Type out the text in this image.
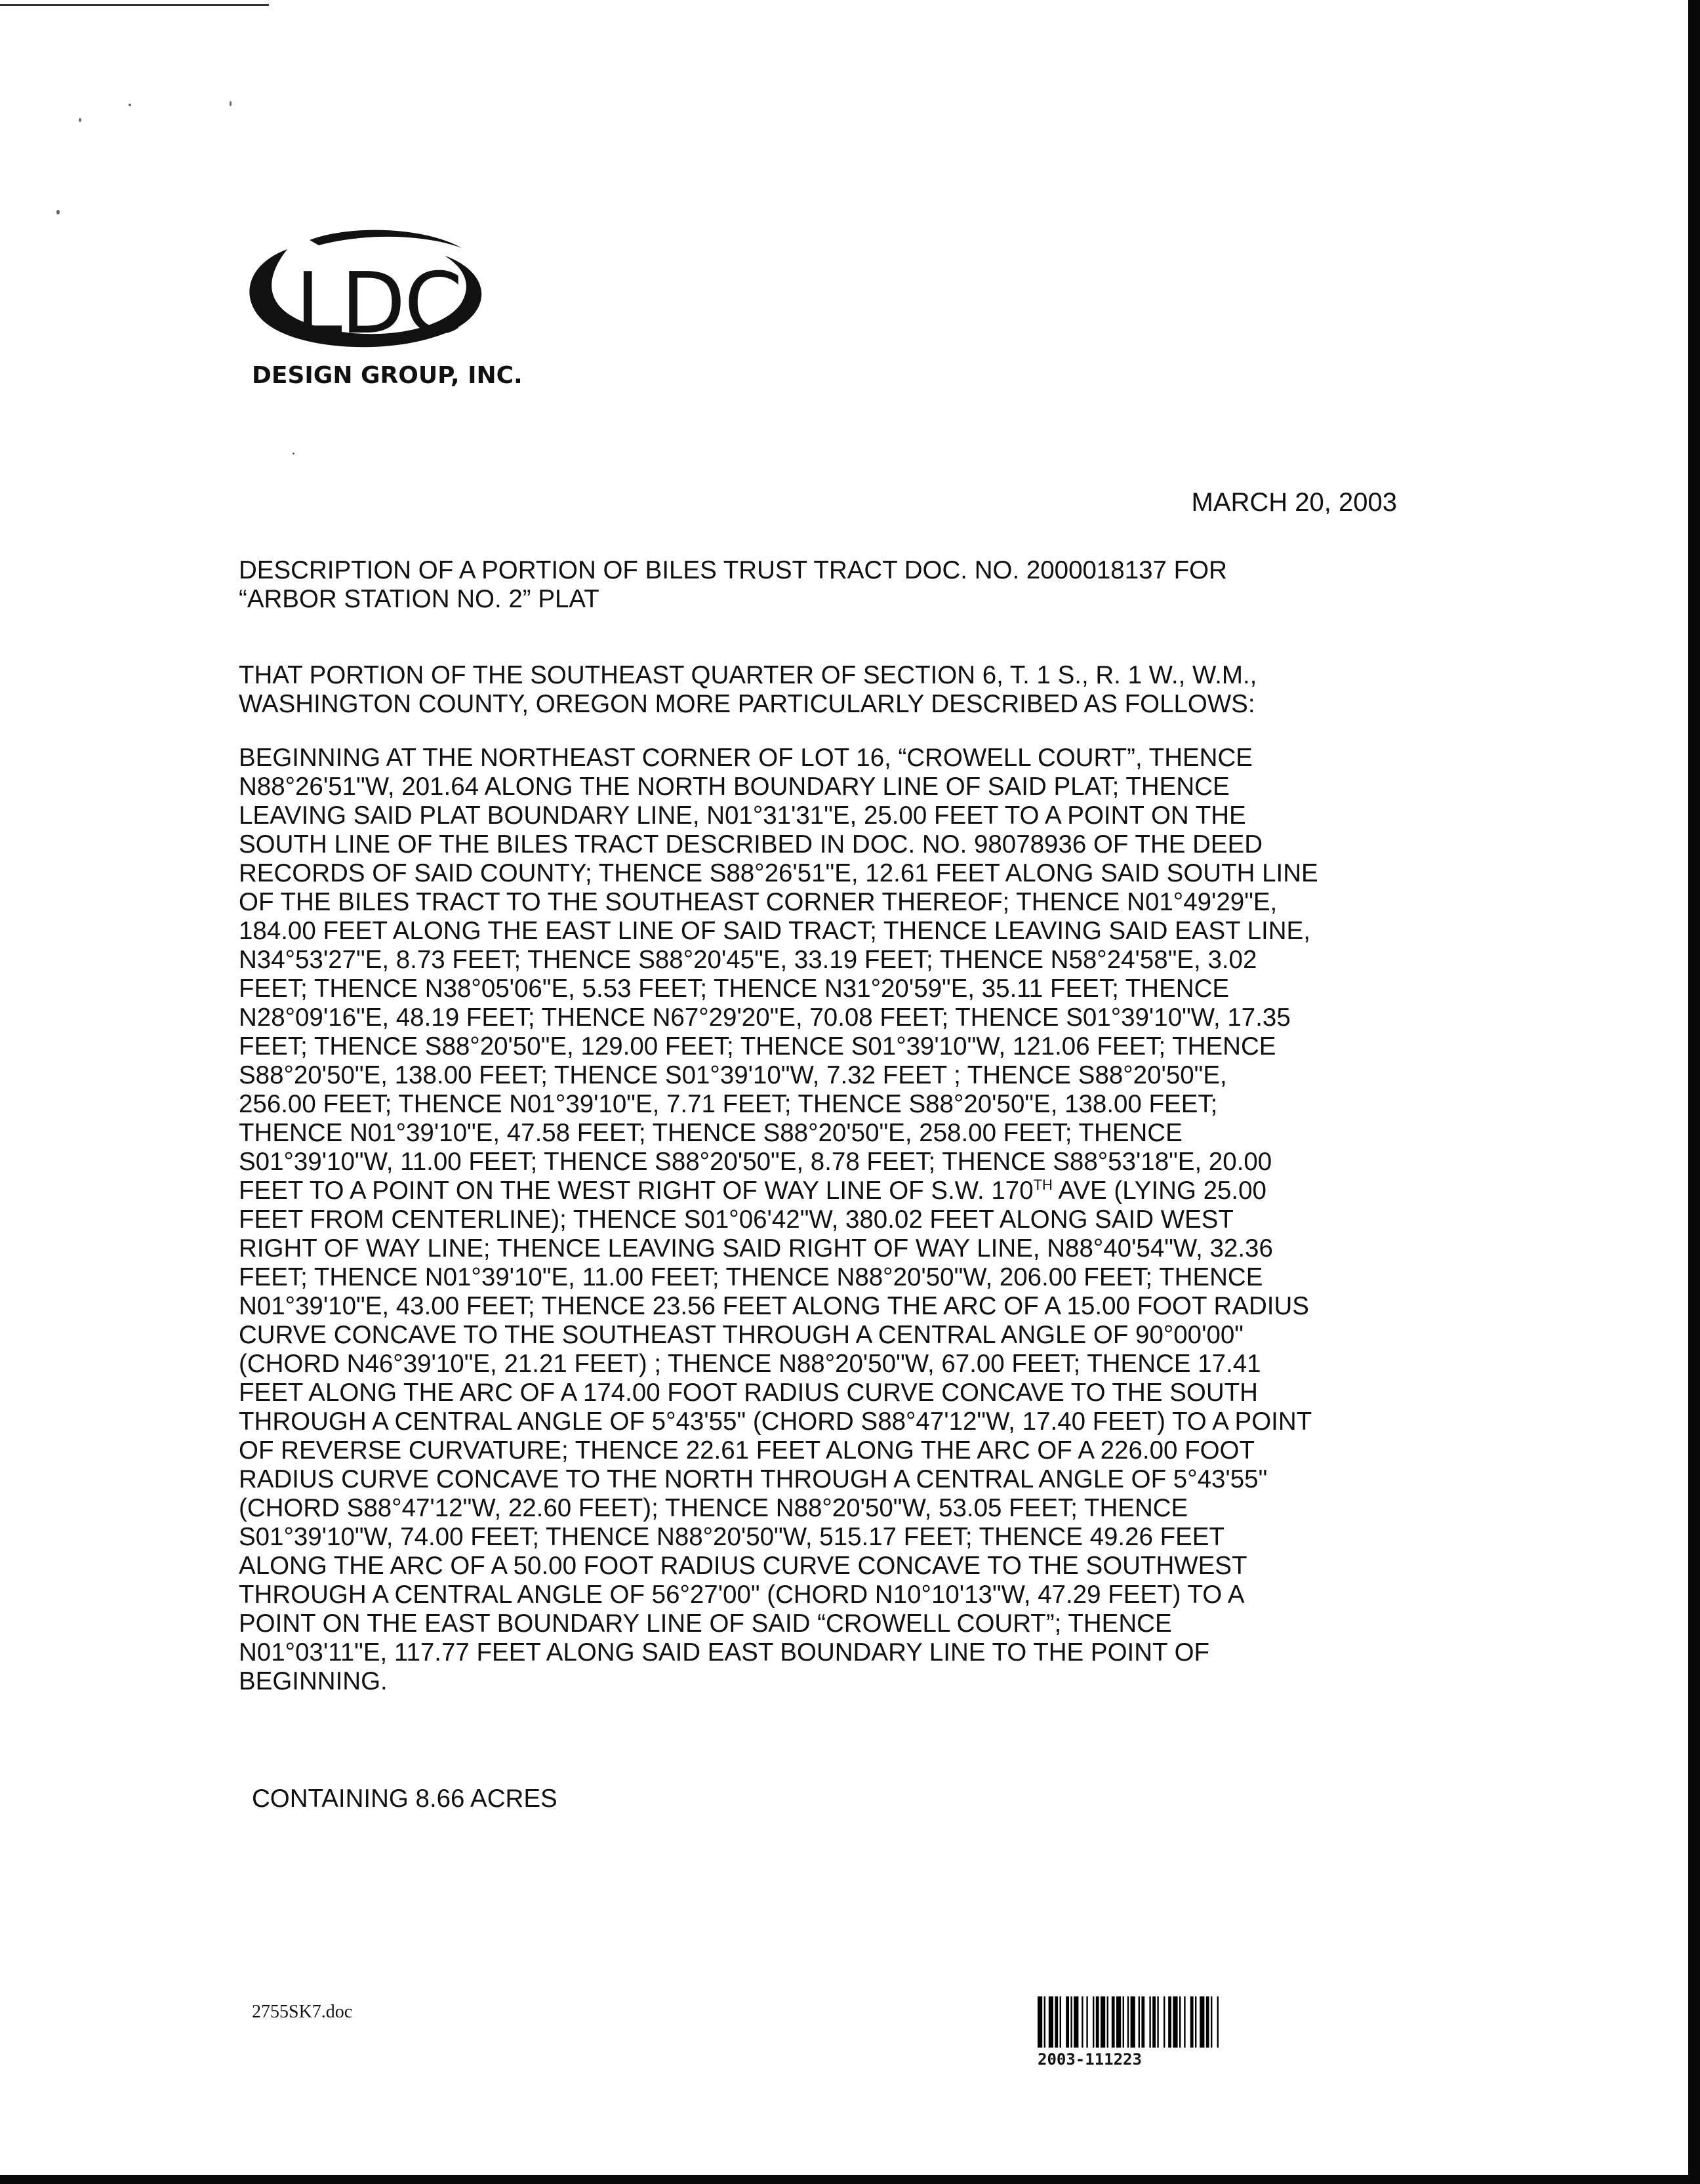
LDC
DESIGN GROUP, INC.
MARCH 20, 2003
DESCRIPTION OF A PORTION OF BILES TRUST TRACT DOC. NO. 2000018137 FOR
“ARBOR STATION NO. 2” PLAT
THAT PORTION OF THE SOUTHEAST QUARTER OF SECTION 6, T. 1 S., R. 1 W., W.M.,
WASHINGTON COUNTY, OREGON MORE PARTICULARLY DESCRIBED AS FOLLOWS:
BEGINNING AT THE NORTHEAST CORNER OF LOT 16, “CROWELL COURT”, THENCE
N88°26'51"W, 201.64 ALONG THE NORTH BOUNDARY LINE OF SAID PLAT; THENCE
LEAVING SAID PLAT BOUNDARY LINE, N01°31'31"E, 25.00 FEET TO A POINT ON THE
SOUTH LINE OF THE BILES TRACT DESCRIBED IN DOC. NO. 98078936 OF THE DEED
RECORDS OF SAID COUNTY; THENCE S88°26'51"E, 12.61 FEET ALONG SAID SOUTH LINE
OF THE BILES TRACT TO THE SOUTHEAST CORNER THEREOF; THENCE N01°49'29"E,
184.00 FEET ALONG THE EAST LINE OF SAID TRACT; THENCE LEAVING SAID EAST LINE,
N34°53'27"E, 8.73 FEET; THENCE S88°20'45"E, 33.19 FEET; THENCE N58°24'58"E, 3.02
FEET; THENCE N38°05'06"E, 5.53 FEET; THENCE N31°20'59"E, 35.11 FEET; THENCE
N28°09'16"E, 48.19 FEET; THENCE N67°29'20"E, 70.08 FEET; THENCE S01°39'10"W, 17.35
FEET; THENCE S88°20'50"E, 129.00 FEET; THENCE S01°39'10"W, 121.06 FEET; THENCE
S88°20'50"E, 138.00 FEET; THENCE S01°39'10"W, 7.32 FEET ; THENCE S88°20'50"E,
256.00 FEET; THENCE N01°39'10"E, 7.71 FEET; THENCE S88°20'50"E, 138.00 FEET;
THENCE N01°39'10"E, 47.58 FEET; THENCE S88°20'50"E, 258.00 FEET; THENCE
S01°39'10"W, 11.00 FEET; THENCE S88°20'50"E, 8.78 FEET; THENCE S88°53'18"E, 20.00
FEET TO A POINT ON THE WEST RIGHT OF WAY LINE OF S.W. 170TH AVE (LYING 25.00
FEET FROM CENTERLINE); THENCE S01°06'42"W, 380.02 FEET ALONG SAID WEST
RIGHT OF WAY LINE; THENCE LEAVING SAID RIGHT OF WAY LINE, N88°40'54"W, 32.36
FEET; THENCE N01°39'10"E, 11.00 FEET; THENCE N88°20'50"W, 206.00 FEET; THENCE
N01°39'10"E, 43.00 FEET; THENCE 23.56 FEET ALONG THE ARC OF A 15.00 FOOT RADIUS
CURVE CONCAVE TO THE SOUTHEAST THROUGH A CENTRAL ANGLE OF 90°00'00"
(CHORD N46°39'10"E, 21.21 FEET) ; THENCE N88°20'50"W, 67.00 FEET; THENCE 17.41
FEET ALONG THE ARC OF A 174.00 FOOT RADIUS CURVE CONCAVE TO THE SOUTH
THROUGH A CENTRAL ANGLE OF 5°43'55" (CHORD S88°47'12"W, 17.40 FEET) TO A POINT
OF REVERSE CURVATURE; THENCE 22.61 FEET ALONG THE ARC OF A 226.00 FOOT
RADIUS CURVE CONCAVE TO THE NORTH THROUGH A CENTRAL ANGLE OF 5°43'55"
(CHORD S88°47'12"W, 22.60 FEET); THENCE N88°20'50"W, 53.05 FEET; THENCE
S01°39'10"W, 74.00 FEET; THENCE N88°20'50"W, 515.17 FEET; THENCE 49.26 FEET
ALONG THE ARC OF A 50.00 FOOT RADIUS CURVE CONCAVE TO THE SOUTHWEST
THROUGH A CENTRAL ANGLE OF 56°27'00" (CHORD N10°10'13"W, 47.29 FEET) TO A
POINT ON THE EAST BOUNDARY LINE OF SAID “CROWELL COURT”; THENCE
N01°03'11"E, 117.77 FEET ALONG SAID EAST BOUNDARY LINE TO THE POINT OF
BEGINNING.
CONTAINING 8.66 ACRES
2755SK7.doc
2003-111223
